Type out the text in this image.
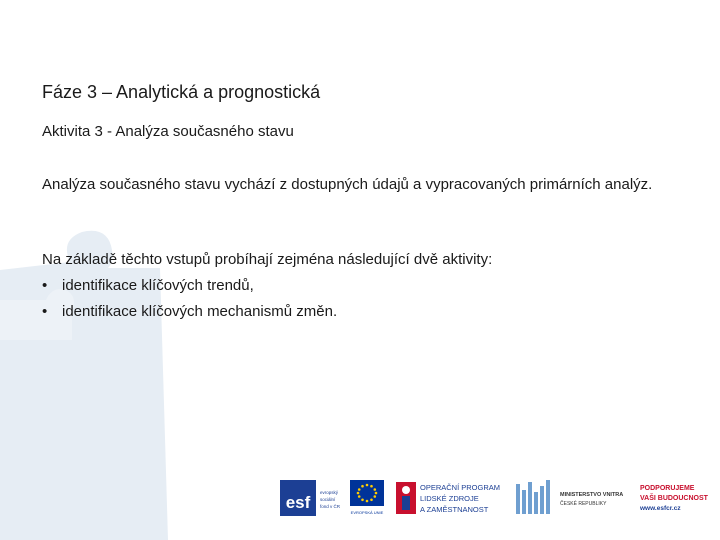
Fáze 3 – Analytická a prognostická
Aktivita 3 - Analýza současného stavu
Analýza současného stavu vychází z dostupných údajů a vypracovaných primárních analýz.
Na základě těchto vstupů probíhají zejména následující dvě aktivity:
• identifikace klíčových trendů,
• identifikace klíčových mechanismů změn.
esf
evropský
sociální
fond v ČR
EVROPSKÁ UNIE
OPERAČNÍ PROGRAM
LIDSKÉ ZDROJE
A ZAMĚSTNANOST
MINISTERSTVO VNITRA
ČESKÉ REPUBLIKY
PODPORUJEME
VAŠI BUDOUCNOST
www.esfcr.cz
